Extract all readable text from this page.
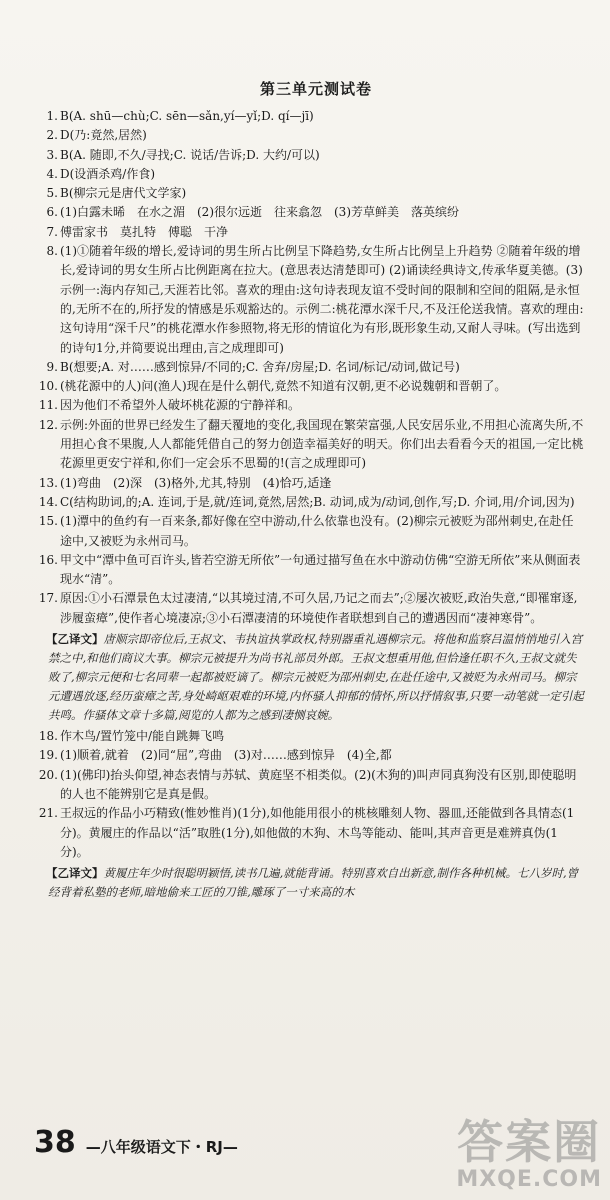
第三单元测试卷
1. B(A. shū—chù;C. sēn—sǎn,yí—yǐ;D. qí—jī)
2. D(乃:竟然,居然)
3. B(A. 随即,不久/寻找;C. 说话/告诉;D. 大约/可以)
4. D(设酒杀鸡/作食)
5. B(柳宗元是唐代文学家)
6. (1)白露未晞　在水之湄　(2)很尔远逝　往来翕忽　(3)芳草鲜美　落英缤纷
7. 傅雷家书　莫扎特　傅聪　干净
8. (1)①随着年级的增长,爱诗词的男生所占比例呈下降趋势,女生所占比例呈上升趋势 ②随着年级的增长,爱诗词的男女生所占比例距离在拉大。(意思表达清楚即可) (2)诵读经典诗文,传承华夏美德。(3)示例一:海内存知己,天涯若比邻。喜欢的理由:这句诗表现友谊不受时间的限制和空间的阻隔,是永恒的,无所不在的,所抒发的情感是乐观豁达的。示例二:桃花潭水深千尺,不及汪伦送我情。喜欢的理由:这句诗用“深千尺”的桃花潭水作参照物,将无形的情谊化为有形,既形象生动,又耐人寻味。(写出选到的诗句1分,并简要说出理由,言之成理即可)
9. B(想要;A. 对……感到惊异/不同的;C. 舍弃/房屋;D. 名词/标记/动词,做记号)
10. (桃花源中的人)问(渔人)现在是什么朝代,竟然不知道有汉朝,更不必说魏朝和晋朝了。
11. 因为他们不希望外人破坏桃花源的宁静祥和。
12. 示例:外面的世界已经发生了翻天覆地的变化,我国现在繁荣富强,人民安居乐业,不用担心流离失所,不用担心食不果腹,人人都能凭借自己的努力创造幸福美好的明天。你们出去看看今天的祖国,一定比桃花源里更安宁祥和,你们一定会乐不思蜀的!(言之成理即可)
13. (1)弯曲　(2)深　(3)格外,尤其,特别　(4)恰巧,适逢
14. C(结构助词,的;A. 连词,于是,就/连词,竟然,居然;B. 动词,成为/动词,创作,写;D. 介词,用/介词,因为)
15. (1)潭中的鱼约有一百来条,都好像在空中游动,什么依靠也没有。(2)柳宗元被贬为邵州刺史,在赴任途中,又被贬为永州司马。
16. 甲文中“潭中鱼可百许头,皆若空游无所依”一句通过描写鱼在水中游动仿佛“空游无所依”来从侧面表现水“清”。
17. 原因:①小石潭景色太过凄清,“以其境过清,不可久居,乃记之而去”;②屡次被贬,政治失意,“即罹窜逐,涉履蛮瘴”,使作者心境凄凉;③小石潭凄清的环境使作者联想到自己的遭遇因而“凄神寒骨”。
【乙译文】唐顺宗即帝位后,王叔文、韦执谊执掌政权,特别器重礼遇柳宗元。将他和监察吕温悄悄地引入宫禁之中,和他们商议大事。柳宗元被提升为尚书礼部员外郎。王叔文想重用他,但恰逢任职不久,王叔文就失败了,柳宗元便和七名同辈一起都被贬谪了。柳宗元被贬为邵州刺史,在赴任途中,又被贬为永州司马。柳宗元遭遇放逐,经历蛮瘴之苦,身处崎岖艰难的环境,内怀骚人抑郁的情怀,所以抒情叙事,只要一动笔就一定引起共鸣。作骚体文章十多篇,阅览的人都为之感到凄恻哀婉。
18. 作木鸟/置竹笼中/能自跳舞飞鸣
19. (1)顺着,就着　(2)同“屈”,弯曲　(3)对……感到惊异　(4)全,都
20. (1)(佛印)抬头仰望,神态表情与苏轼、黄庭坚不相类似。(2)(木狗的)叫声同真狗没有区别,即使聪明的人也不能辨别它是真是假。
21. 王叔远的作品小巧精致(惟妙惟肖)(1分),如他能用很小的桃核雕刻人物、器皿,还能做到各具情态(1分)。黄履庄的作品以“活”取胜(1分),如他做的木狗、木鸟等能动、能叫,其声音更是难辨真伪(1分)。
【乙译文】黄履庄年少时很聪明颖悟,读书几遍,就能背诵。特别喜欢自出新意,制作各种机械。七八岁时,曾经背着私塾的老师,暗地偷来工匠的刀锥,雕琢了一寸来高的木
38 —八年级语文下・RJ—	答案圈
MXQE.COM
